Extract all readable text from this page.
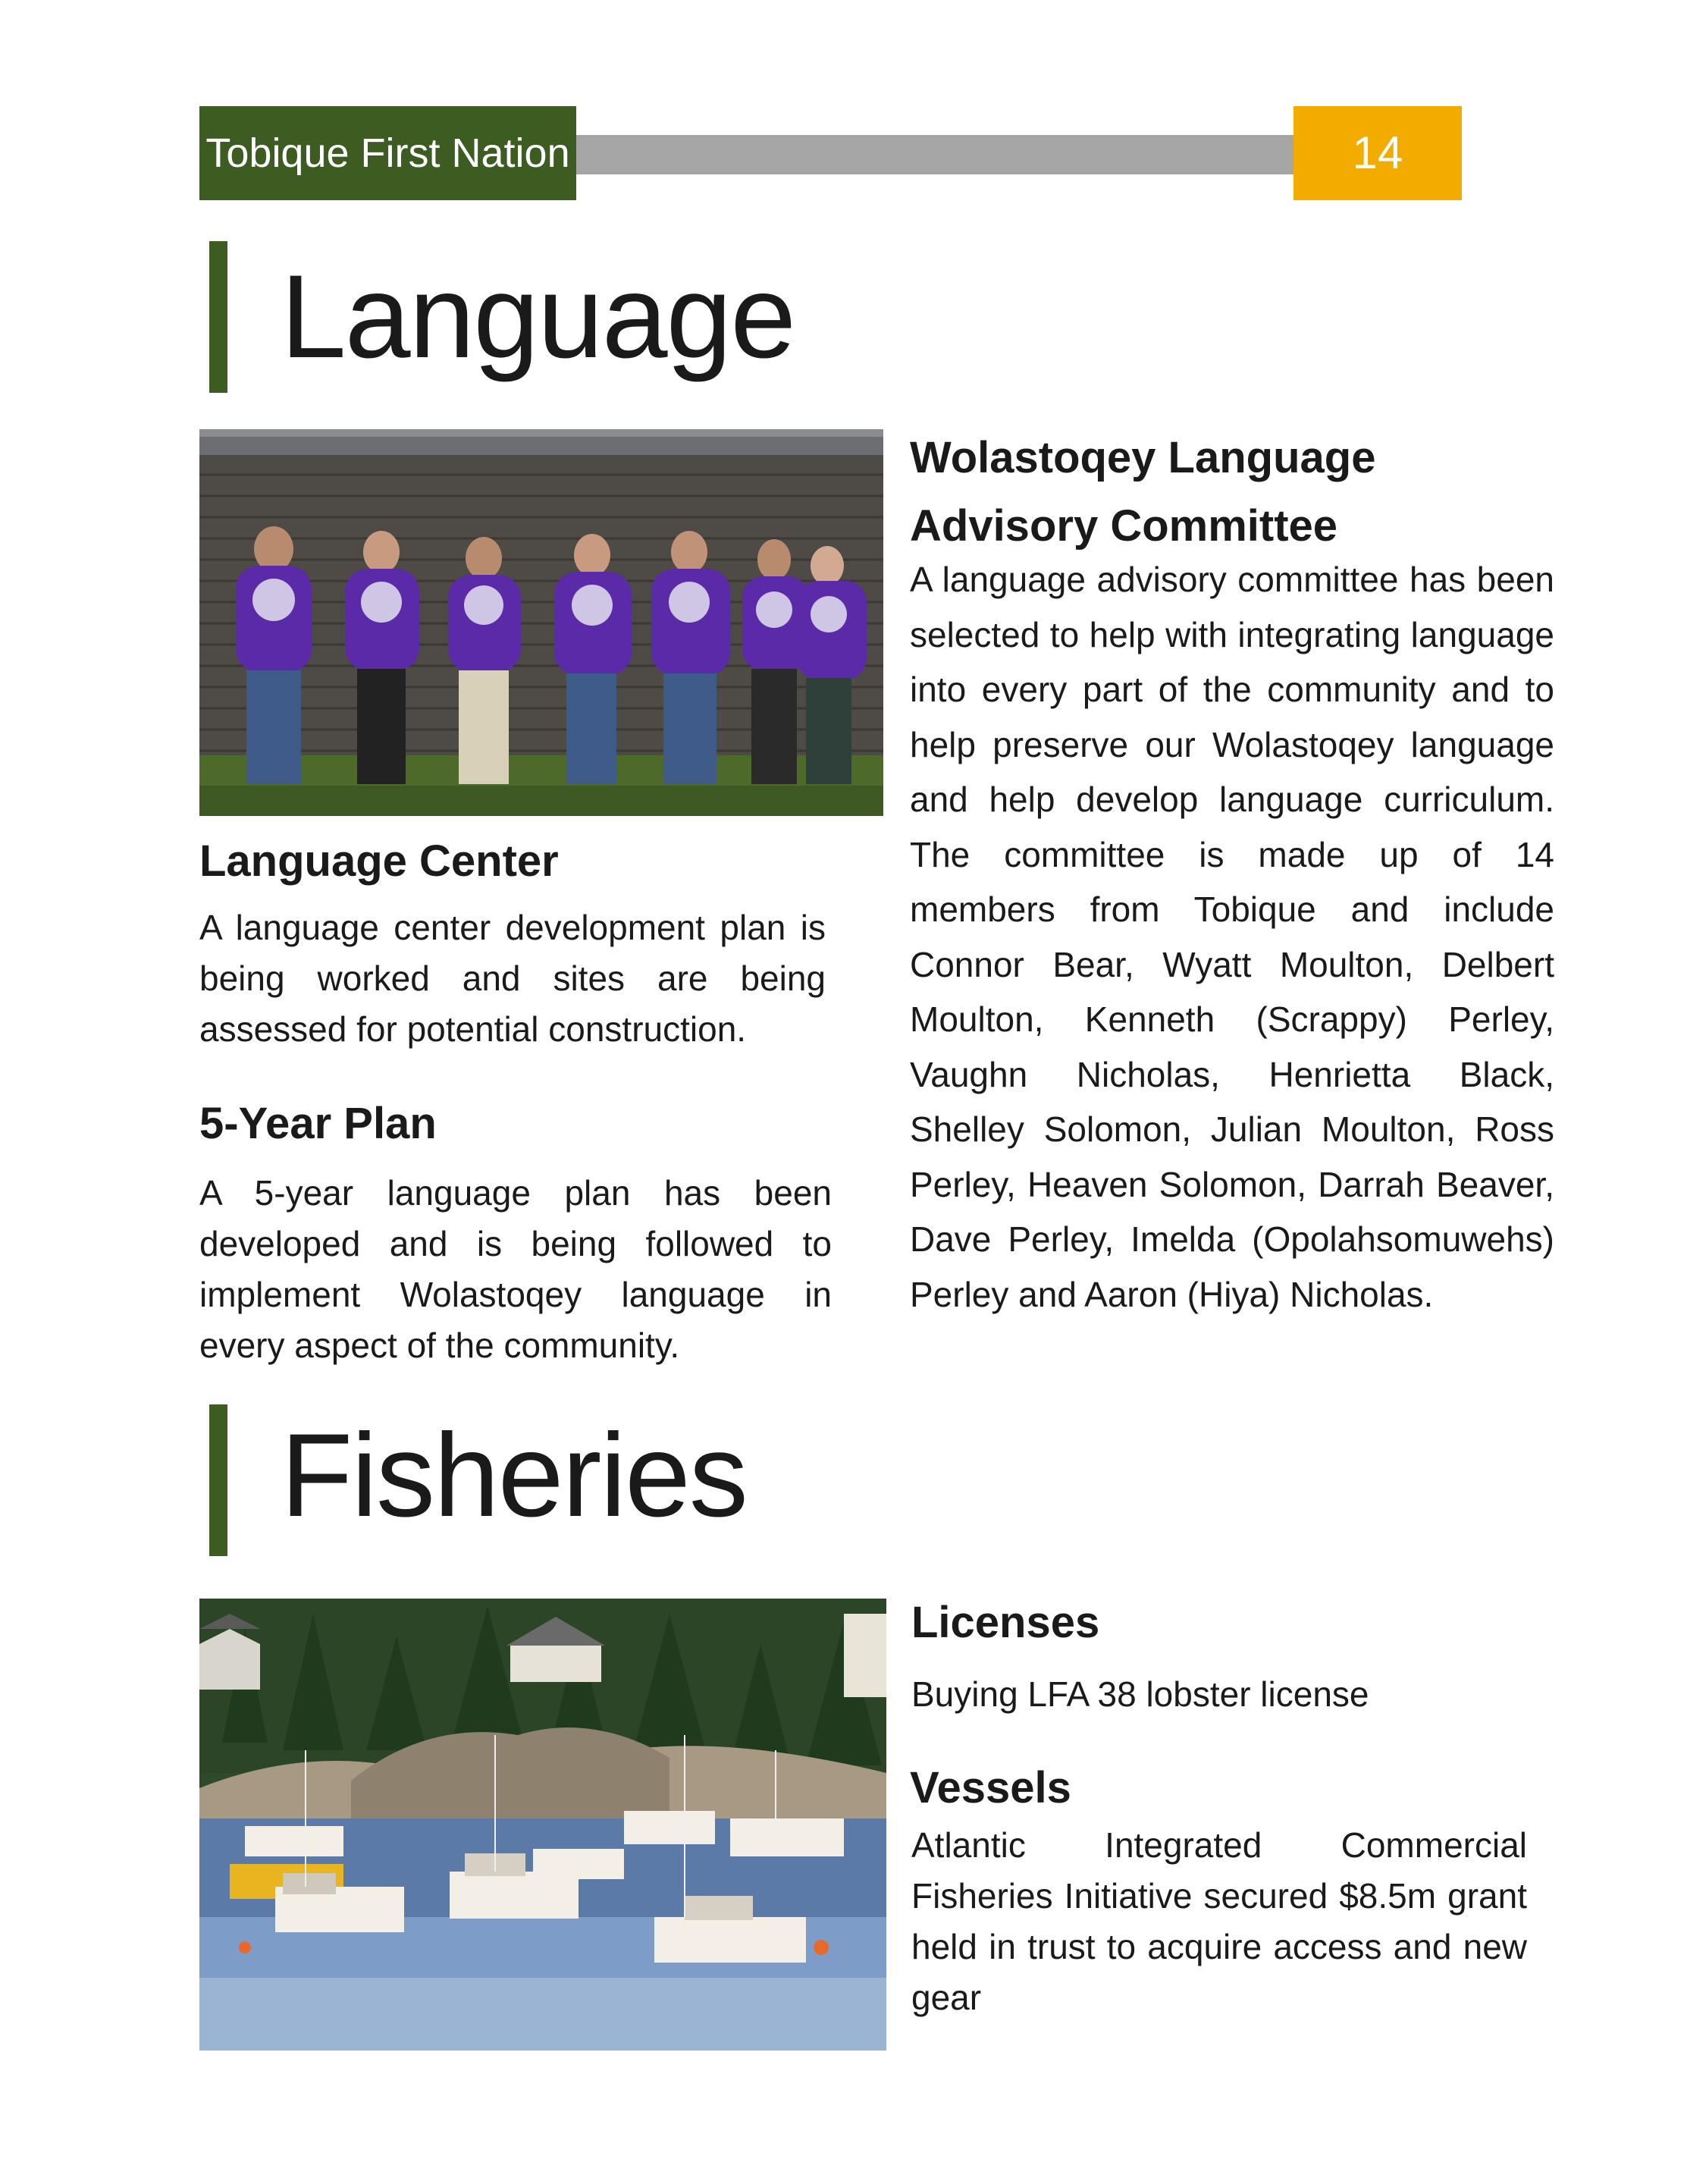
Tobique First Nation	14
Language
Language Center
A language center development plan is being worked and sites are being assessed for potential construction.
5-Year Plan
A 5-year language plan has been developed and is being followed to implement Wolastoqey language in every aspect of the community.
Wolastoqey Language
Advisory Committee
A language advisory committee has been selected to help with integrating language into every part of the community and to help preserve our Wolastoqey language and help develop language curriculum. The committee is made up of 14 members from Tobique and include Connor Bear, Wyatt Moulton, Delbert Moulton, Kenneth (Scrappy) Perley, Vaughn Nicholas, Henrietta Black, Shelley Solomon, Julian Moulton, Ross Perley, Heaven Solomon, Darrah Beaver, Dave Perley, Imelda (Opolahsomuwehs) Perley and Aaron (Hiya) Nicholas.
Fisheries
Licenses
Buying LFA 38 lobster license
Vessels
Atlantic Integrated Commercial Fisheries Initiative secured $8.5m grant held in trust to acquire access and new gear
